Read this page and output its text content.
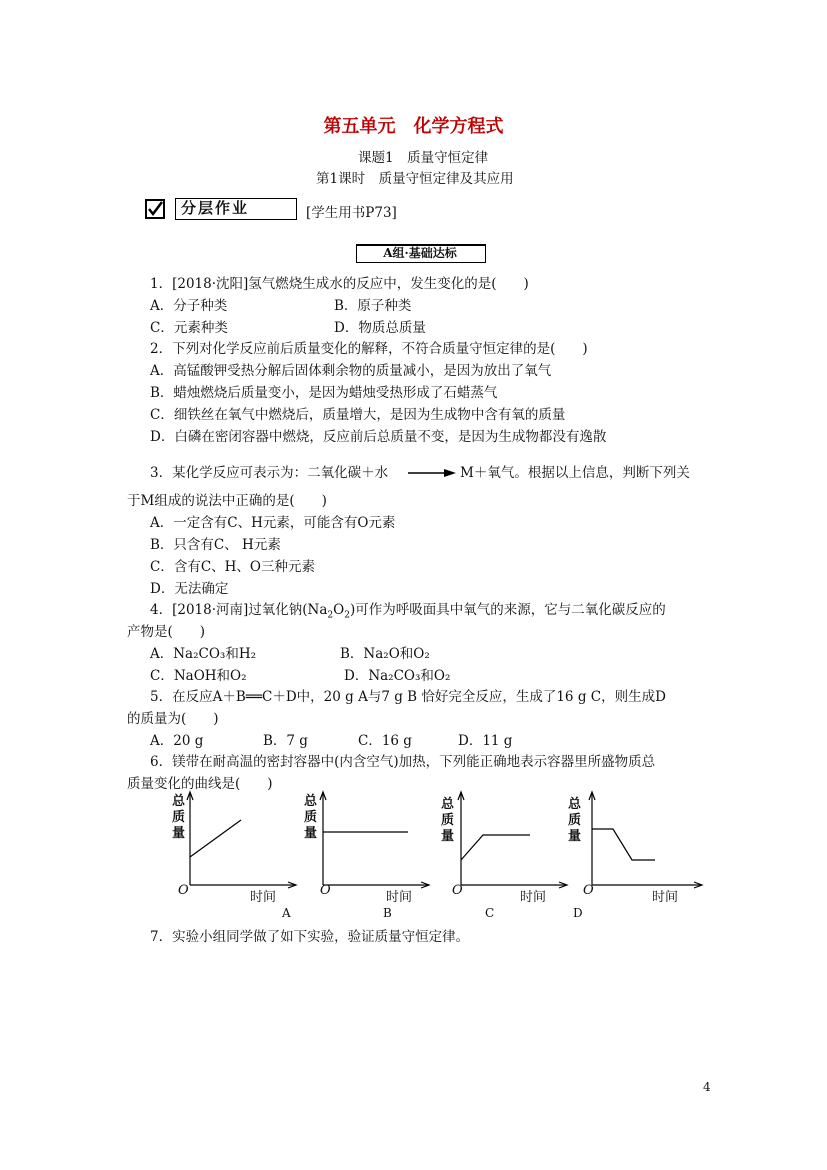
第五单元　化学方程式
课题1　质量守恒定律
第1课时　质量守恒定律及其应用
分层作业	[学生用书P73]
A组·基础达标
1．[2018·沈阳]氢气燃烧生成水的反应中，发生变化的是(　　)
A．分子种类	B．原子种类
C．元素种类	D．物质总质量
2．下列对化学反应前后质量变化的解释，不符合质量守恒定律的是(　　)
A．高锰酸钾受热分解后固体剩余物的质量减小，是因为放出了氧气
B．蜡烛燃烧后质量变小，是因为蜡烛受热形成了石蜡蒸气
C．细铁丝在氧气中燃烧后，质量增大，是因为生成物中含有氧的质量
D．白磷在密闭容器中燃烧，反应前后总质量不变，是因为生成物都没有逸散
3．某化学反应可表示为：二氧化碳＋水 → M＋氧气。根据以上信息，判断下列关
于M组成的说法中正确的是(　　)
A．一定含有C、H元素，可能含有O元素
B．只含有C、 H元素
C．含有C、H、O三种元素
D．无法确定
4．[2018·河南]过氧化钠$(Na_2O_2)$可作为呼吸面具中氧气的来源，它与二氧化碳反应的
产物是(　　)
A．Na₂CO₃和H₂	B．Na₂O和O₂
C．NaOH和O₂	D．Na₂CO₃和O₂
5．在反应A＋B══C＋D中，20 g A与7 g B 恰好完全反应，生成了16 g C，则生成D
的质量为(　　)
A．20 g	B．7 g	C．16 g	D．11 g
6．镁带在耐高温的密封容器中(内含空气)加热，下列能正确地表示容器里所盛物质总
质量变化的曲线是(　　)
总
质
量
O	时间
A
总
质
量
O	时间
B
总
质
量
O	时间
C
总
质
量
O	时间
D
7．实验小组同学做了如下实验，验证质量守恒定律。
4
